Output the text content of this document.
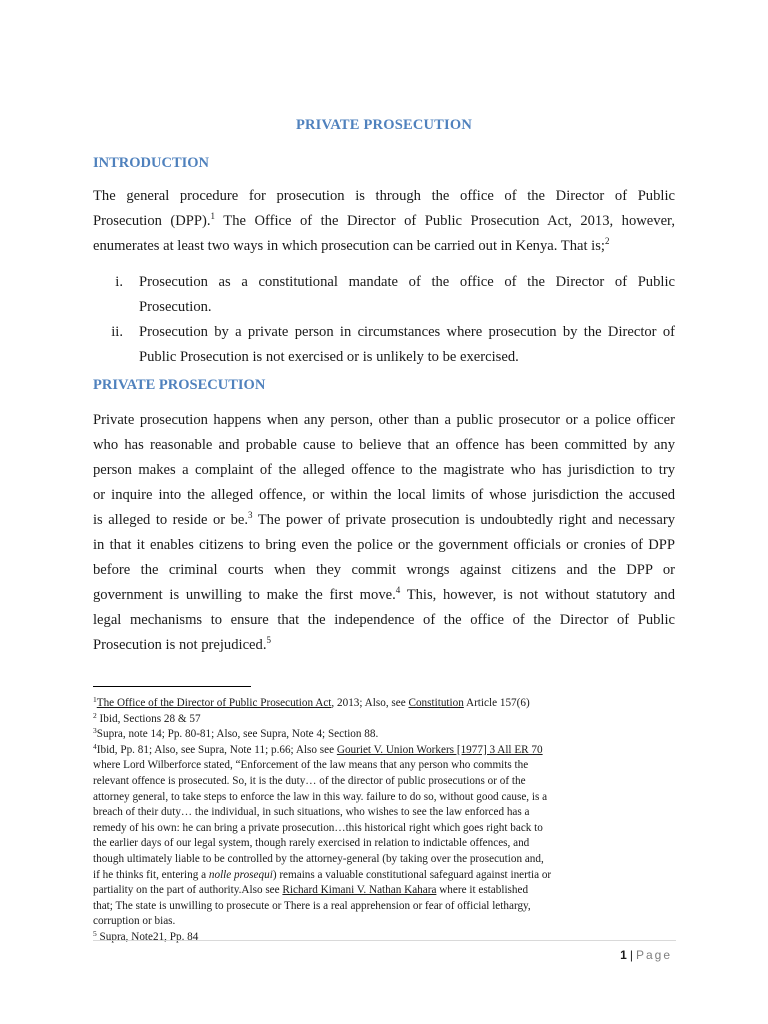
PRIVATE PROSECUTION
INTRODUCTION
The general procedure for prosecution is through the office of the Director of Public
Prosecution (DPP).$^1$ The Office of the Director of Public Prosecution Act, 2013, however,
enumerates at least two ways in which prosecution can be carried out in Kenya. That is;$^2$
i. Prosecution as a constitutional mandate of the office of the Director of Public
Prosecution.
ii. Prosecution by a private person in circumstances where prosecution by the Director of
Public Prosecution is not exercised or is unlikely to be exercised.
PRIVATE PROSECUTION
Private prosecution happens when any person, other than a public prosecutor or a police officer
who has reasonable and probable cause to believe that an offence has been committed by any
person makes a complaint of the alleged offence to the magistrate who has jurisdiction to try
or inquire into the alleged offence, or within the local limits of whose jurisdiction the accused
is alleged to reside or be.$^3$ The power of private prosecution is undoubtedly right and necessary
in that it enables citizens to bring even the police or the government officials or cronies of DPP
before the criminal courts when they commit wrongs against citizens and the DPP or
government is unwilling to make the first move.$^4$ This, however, is not without statutory and
legal mechanisms to ensure that the independence of the office of the Director of Public
Prosecution is not prejudiced.$^5$
$^1$The Office of the Director of Public Prosecution Act, 2013; Also, see Constitution Article 157(6)
$^2$ Ibid, Sections 28 & 57
$^3$Supra, note 14; Pp. 80-81; Also, see Supra, Note 4; Section 88.
$^4$Ibid, Pp. 81; Also, see Supra, Note 11; p.66; Also see Gouriet V. Union Workers [1977] 3 All ER 70
where Lord Wilberforce stated, “Enforcement of the law means that any person who commits the
relevant offence is prosecuted. So, it is the duty… of the director of public prosecutions or of the
attorney general, to take steps to enforce the law in this way. failure to do so, without good cause, is a
breach of their duty… the individual, in such situations, who wishes to see the law enforced has a
remedy of his own: he can bring a private prosecution…this historical right which goes right back to
the earlier days of our legal system, though rarely exercised in relation to indictable offences, and
though ultimately liable to be controlled by the attorney-general (by taking over the prosecution and,
if he thinks fit, entering a nolle prosequi) remains a valuable constitutional safeguard against inertia or
partiality on the part of authority.Also see Richard Kimani V. Nathan Kahara where it established
that; The state is unwilling to prosecute or There is a real apprehension or fear of official lethargy,
corruption or bias.
$^5$ Supra, Note21, Pp. 84
1 | Page
